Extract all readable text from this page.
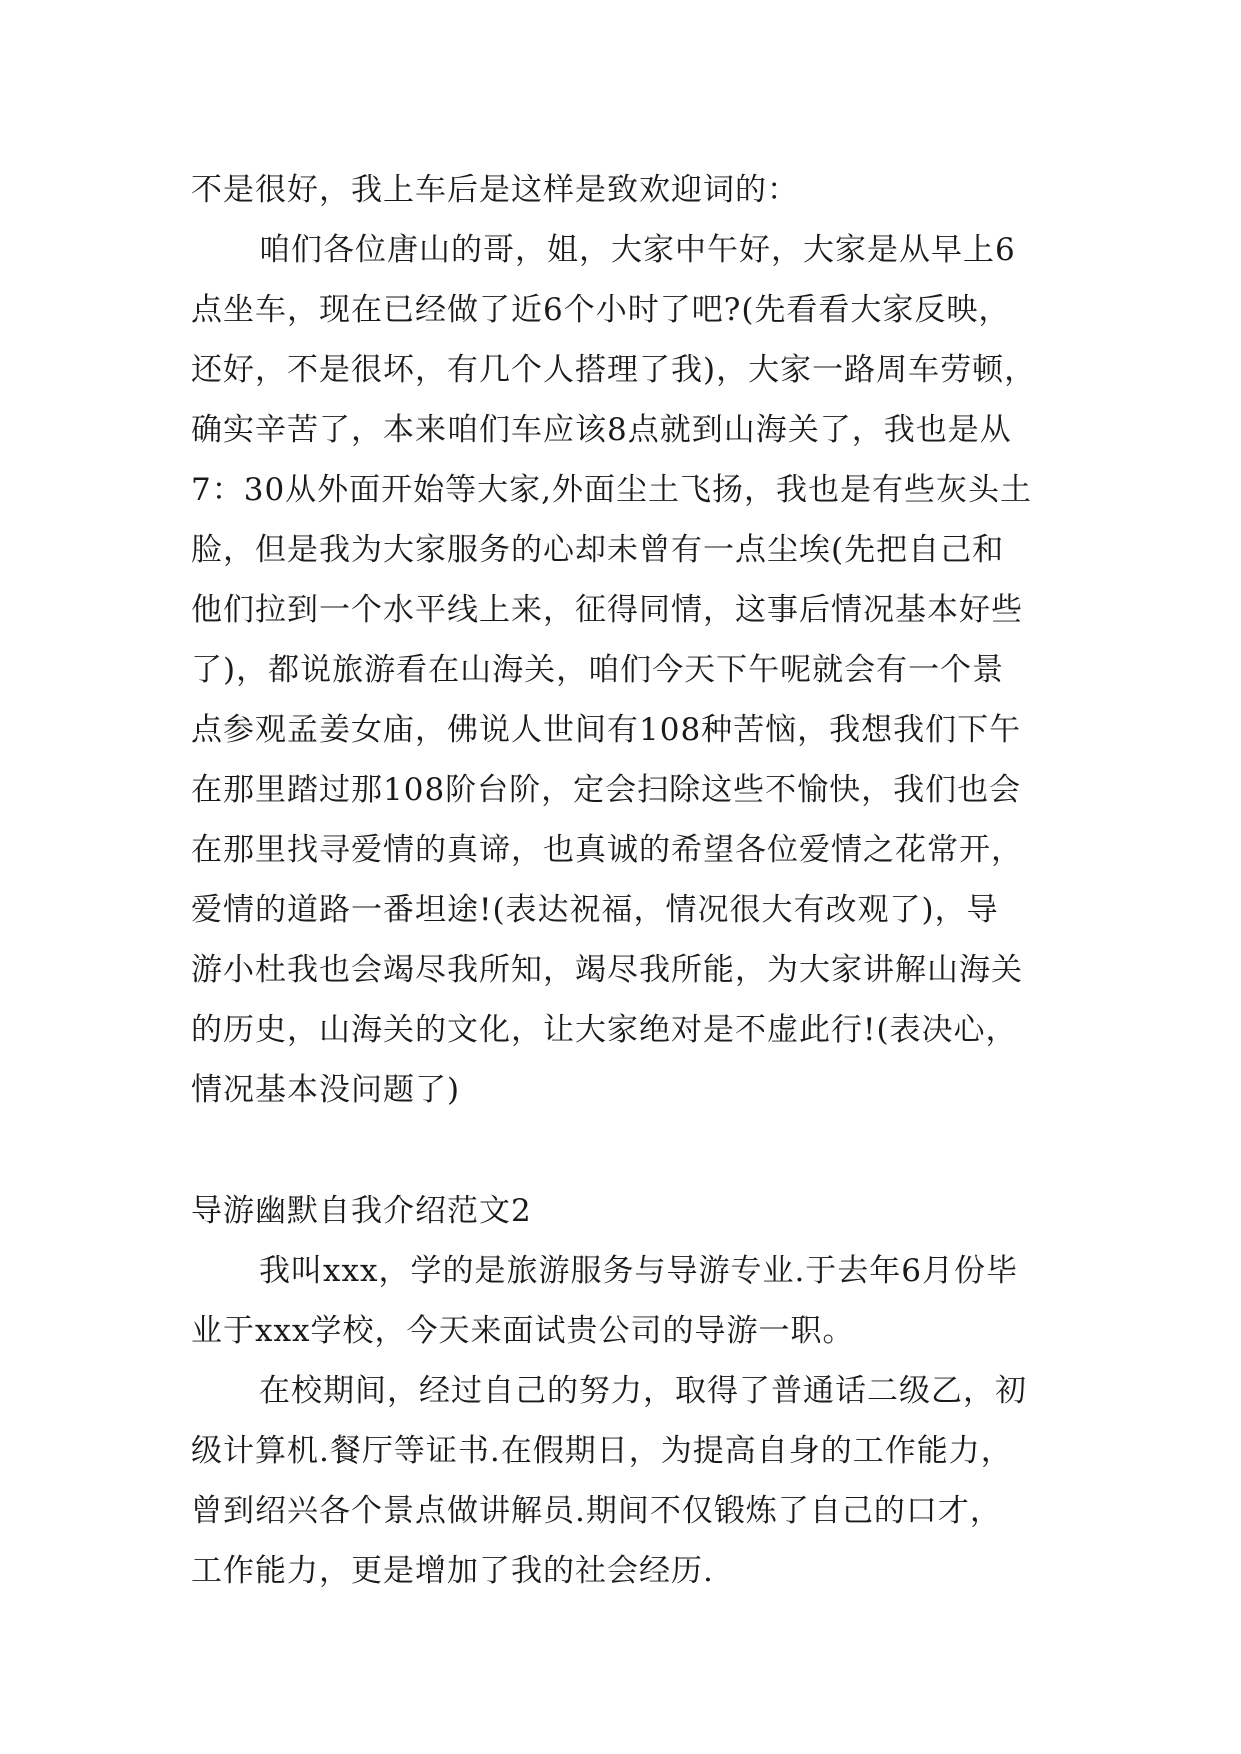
不是很好，我上车后是这样是致欢迎词的：
咱们各位唐山的哥，姐，大家中午好，大家是从早上6
点坐车，现在已经做了近6个小时了吧?(先看看大家反映，
还好，不是很坏，有几个人搭理了我)，大家一路周车劳顿，
确实辛苦了，本来咱们车应该8点就到山海关了，我也是从
7：30从外面开始等大家,外面尘土飞扬，我也是有些灰头土
脸，但是我为大家服务的心却未曾有一点尘埃(先把自己和
他们拉到一个水平线上来，征得同情，这事后情况基本好些
了)，都说旅游看在山海关，咱们今天下午呢就会有一个景
点参观孟姜女庙，佛说人世间有108种苦恼，我想我们下午
在那里踏过那108阶台阶，定会扫除这些不愉快，我们也会
在那里找寻爱情的真谛，也真诚的希望各位爱情之花常开，
爱情的道路一番坦途!(表达祝福，情况很大有改观了)，导
游小杜我也会竭尽我所知，竭尽我所能，为大家讲解山海关
的历史，山海关的文化，让大家绝对是不虚此行!(表决心，
情况基本没问题了)
导游幽默自我介绍范文2
我叫xxx，学的是旅游服务与导游专业.于去年6月份毕
业于xxx学校，今天来面试贵公司的导游一职。
在校期间，经过自己的努力，取得了普通话二级乙，初
级计算机.餐厅等证书.在假期日，为提高自身的工作能力，
曾到绍兴各个景点做讲解员.期间不仅锻炼了自己的口才，
工作能力，更是增加了我的社会经历.
